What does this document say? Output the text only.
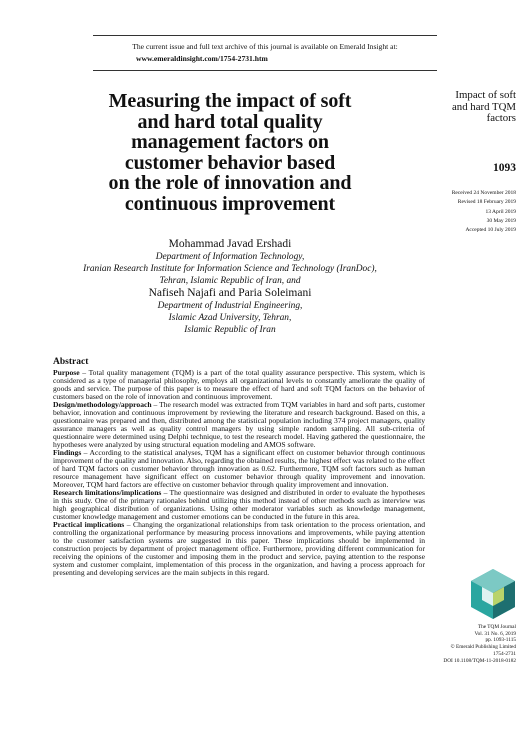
The current issue and full text archive of this journal is available on Emerald Insight at:
www.emeraldinsight.com/1754-2731.htm
Measuring the impact of soft
and hard total quality
management factors on
customer behavior based
on the role of innovation and
continuous improvement
Mohammad Javad Ershadi
Department of Information Technology,
Iranian Research Institute for Information Science and Technology (IranDoc),
Tehran, Islamic Republic of Iran, and
Nafiseh Najafi and Paria Soleimani
Department of Industrial Engineering,
Islamic Azad University, Tehran,
Islamic Republic of Iran
Impact of soft
and hard TQM
factors
1093
Received 24 November 2018
Revised 18 February 2019
13 April 2019
30 May 2019
Accepted 10 July 2019
Abstract

Purpose – Total quality management (TQM) is a part of the total quality assurance perspective. This system, which is considered as a type of managerial philosophy, employs all organizational levels to constantly ameliorate the quality of goods and service. The purpose of this paper is to measure the effect of hard and soft TQM factors on the behavior of customers based on the role of innovation and continuous improvement.

Design/methodology/approach – The research model was extracted from TQM variables in hard and soft parts, customer behavior, innovation and continuous improvement by reviewing the literature and research background. Based on this, a questionnaire was prepared and then, distributed among the statistical population including 374 project managers, quality assurance managers as well as quality control managers by using simple random sampling. All sub-criteria of questionnaire were determined using Delphi technique, to test the research model. Having gathered the questionnaire, the hypotheses were analyzed by using structural equation modeling and AMOS software.

Findings – According to the statistical analyses, TQM has a significant effect on customer behavior through continuous improvement of the quality and innovation. Also, regarding the obtained results, the highest effect was related to the effect of hard TQM factors on customer behavior through innovation as 0.62. Furthermore, TQM soft factors such as human resource management have significant effect on customer behavior through quality improvement and innovation. Moreover, TQM hard factors are effective on customer behavior through quality improvement and innovation.

Research limitations/implications – The questionnaire was designed and distributed in order to evaluate the hypotheses in this study. One of the primary rationales behind utilizing this method instead of other methods such as interview was high geographical distribution of organizations. Using other moderator variables such as knowledge management, customer knowledge management and customer emotions can be conducted in the future in this area.

Practical implications – Changing the organizational relationships from task orientation to the process orientation, and controlling the organizational performance by measuring process innovations and improvements, while paying attention to the customer satisfaction systems are suggested in this paper. These implications should be implemented in construction projects by department of project management office. Furthermore, providing different communication for receiving the opinions of the customer and imposing them in the product and service, paying attention to the response system and customer complaint, implementation of this process in the organization, and having a process approach for presenting and developing services are the main subjects in this regard.

The TQM Journal
Vol. 31 No. 6, 2019
pp. 1093-1115
© Emerald Publishing Limited
1754-2731
DOI 10.1108/TQM-11-2018-0182
